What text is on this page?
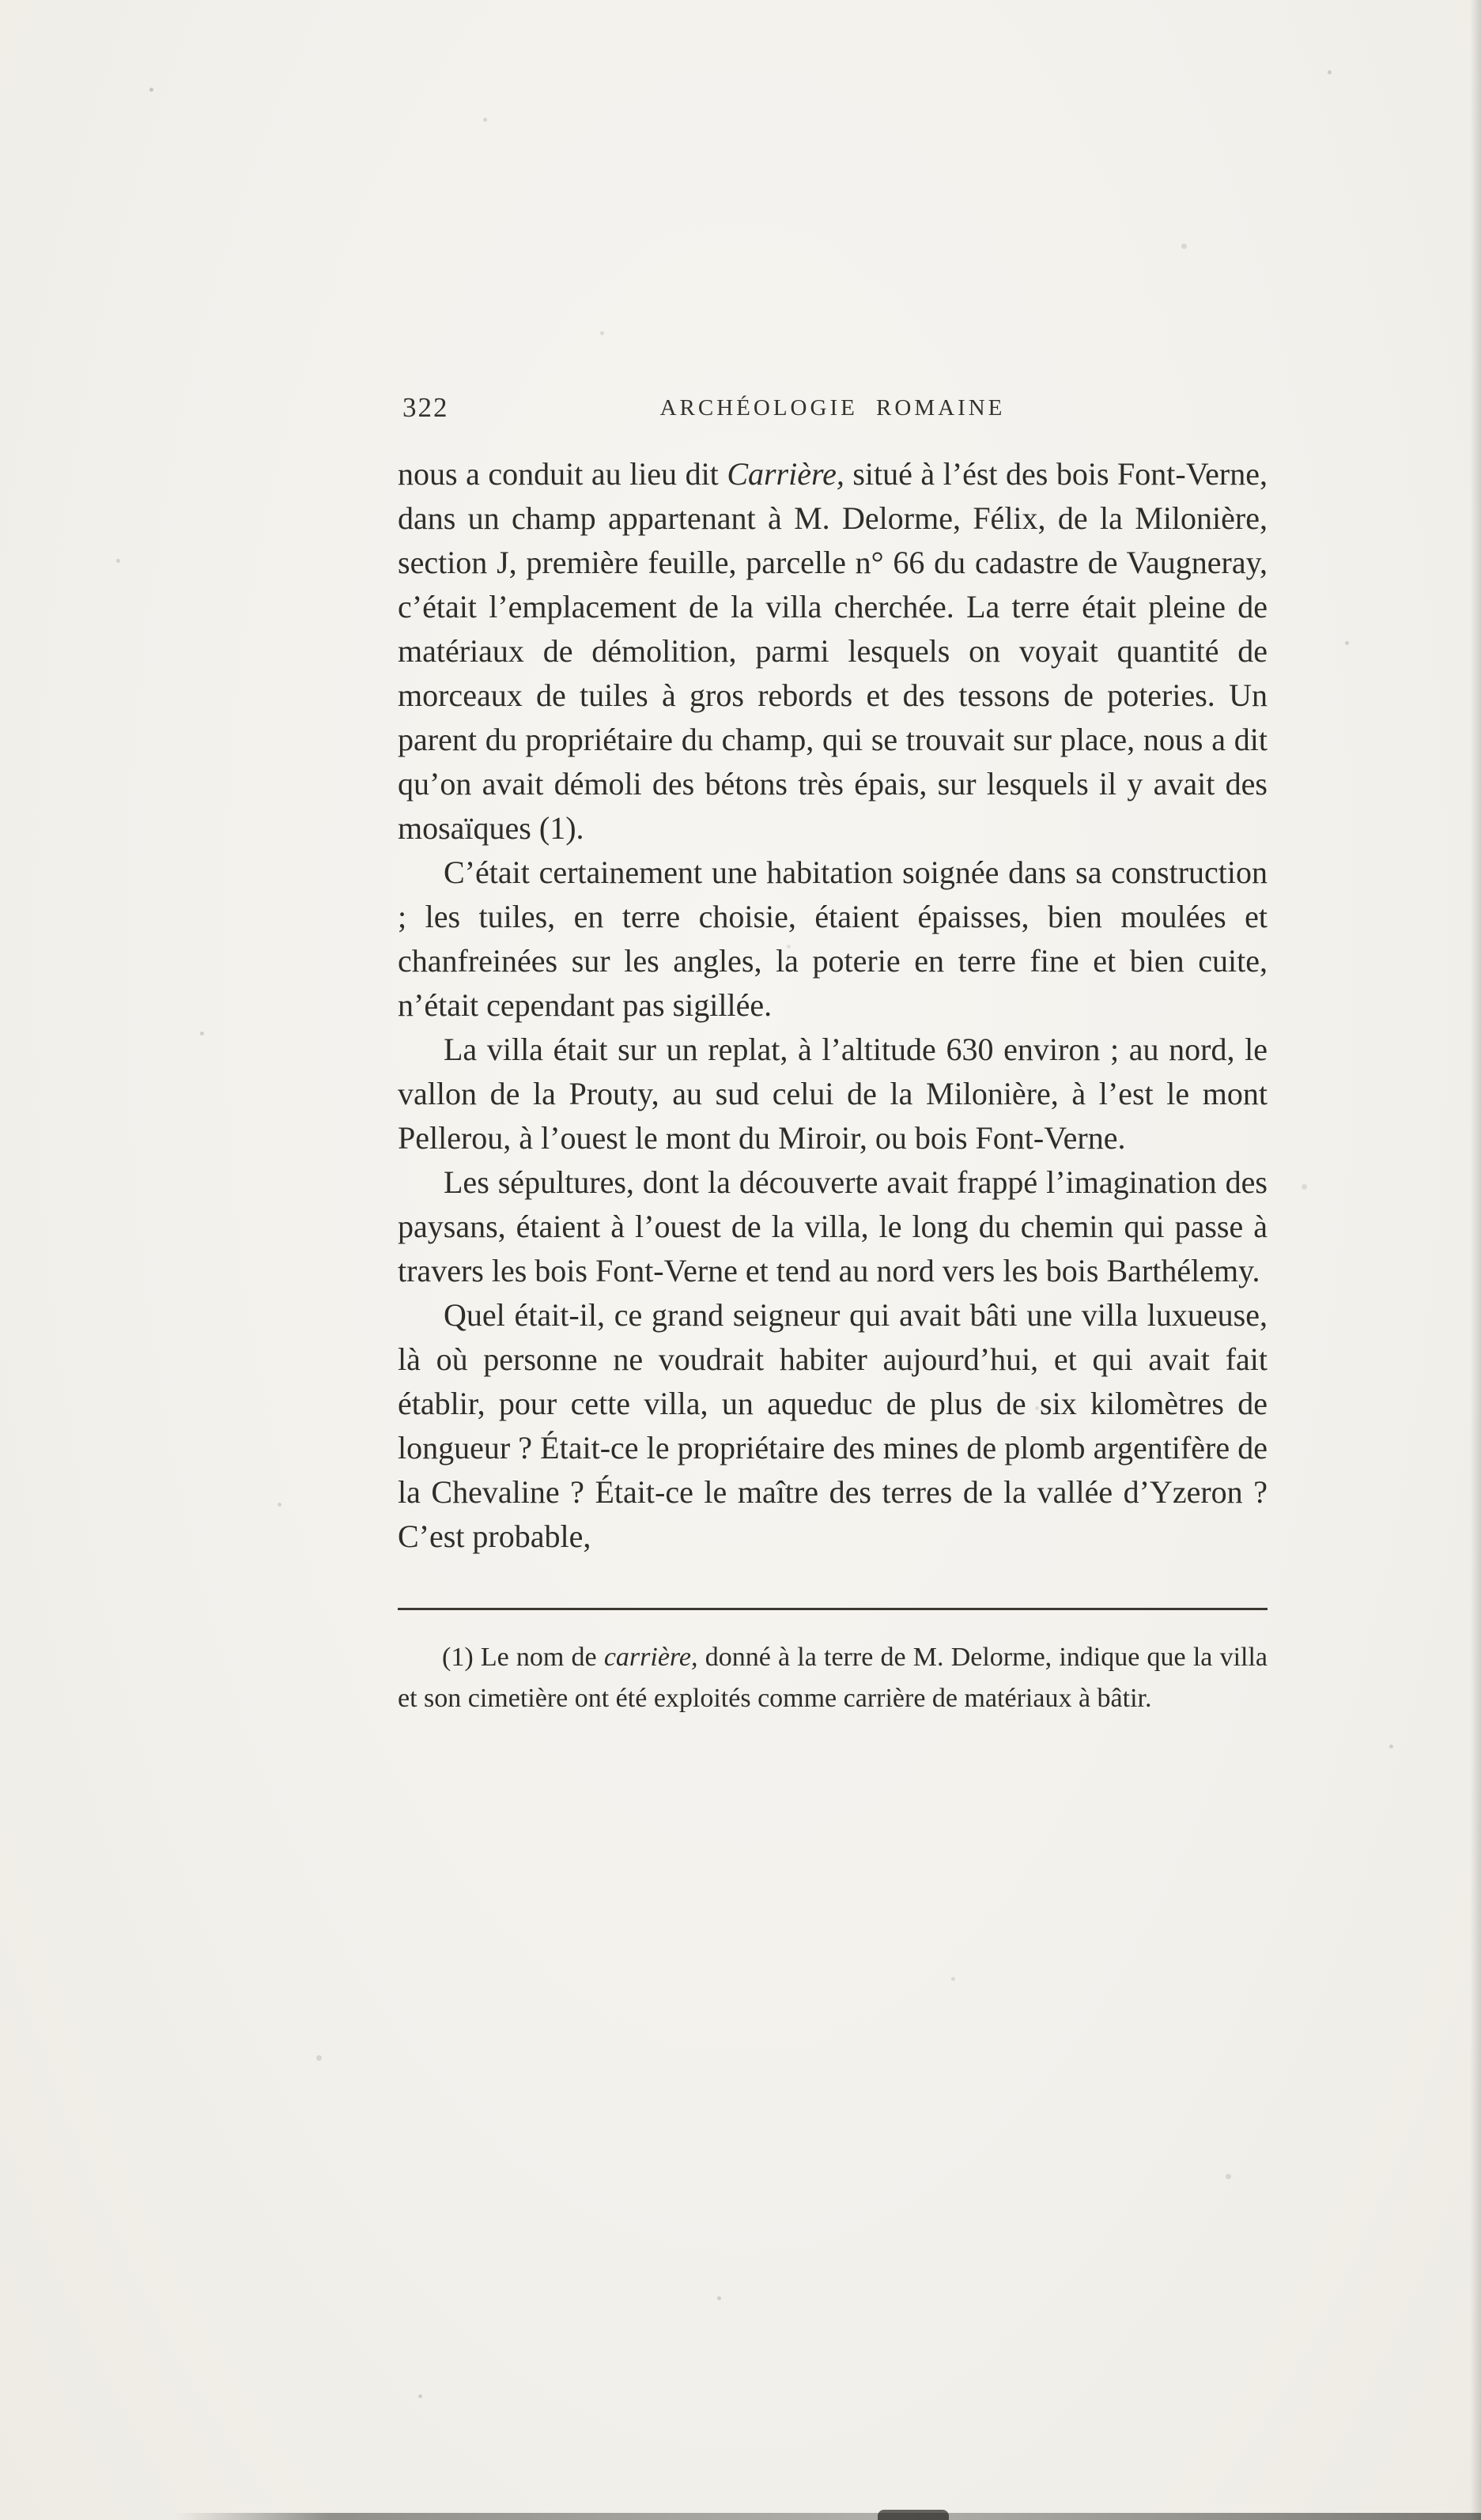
322	ARCHÉOLOGIE ROMAINE

nous a conduit au lieu dit Carrière, situé à l’ést des bois Font-Verne, dans un champ appartenant à M. Delorme, Félix, de la Milonière, section J, première feuille, parcelle n° 66 du cadastre de Vaugneray, c’était l’emplacement de la villa cherchée. La terre était pleine de matériaux de démolition, parmi lesquels on voyait quantité de morceaux de tuiles à gros rebords et des tessons de poteries. Un parent du propriétaire du champ, qui se trouvait sur place, nous a dit qu’on avait démoli des bétons très épais, sur lesquels il y avait des mosaïques (1).

C’était certainement une habitation soignée dans sa construction ; les tuiles, en terre choisie, étaient épaisses, bien moulées et chanfreinées sur les angles, la poterie en terre fine et bien cuite, n’était cependant pas sigillée.

La villa était sur un replat, à l’altitude 630 environ ; au nord, le vallon de la Prouty, au sud celui de la Milonière, à l’est le mont Pellerou, à l’ouest le mont du Miroir, ou bois Font-Verne.

Les sépultures, dont la découverte avait frappé l’imagination des paysans, étaient à l’ouest de la villa, le long du chemin qui passe à travers les bois Font-Verne et tend au nord vers les bois Barthélemy.

Quel était-il, ce grand seigneur qui avait bâti une villa luxueuse, là où personne ne voudrait habiter aujourd’hui, et qui avait fait établir, pour cette villa, un aqueduc de plus de six kilomètres de longueur ? Était-ce le propriétaire des mines de plomb argentifère de la Chevaline ? Était-ce le maître des terres de la vallée d’Yzeron ? C’est probable,

(1) Le nom de carrière, donné à la terre de M. Delorme, indique que la villa et son cimetière ont été exploités comme carrière de matériaux à bâtir.
